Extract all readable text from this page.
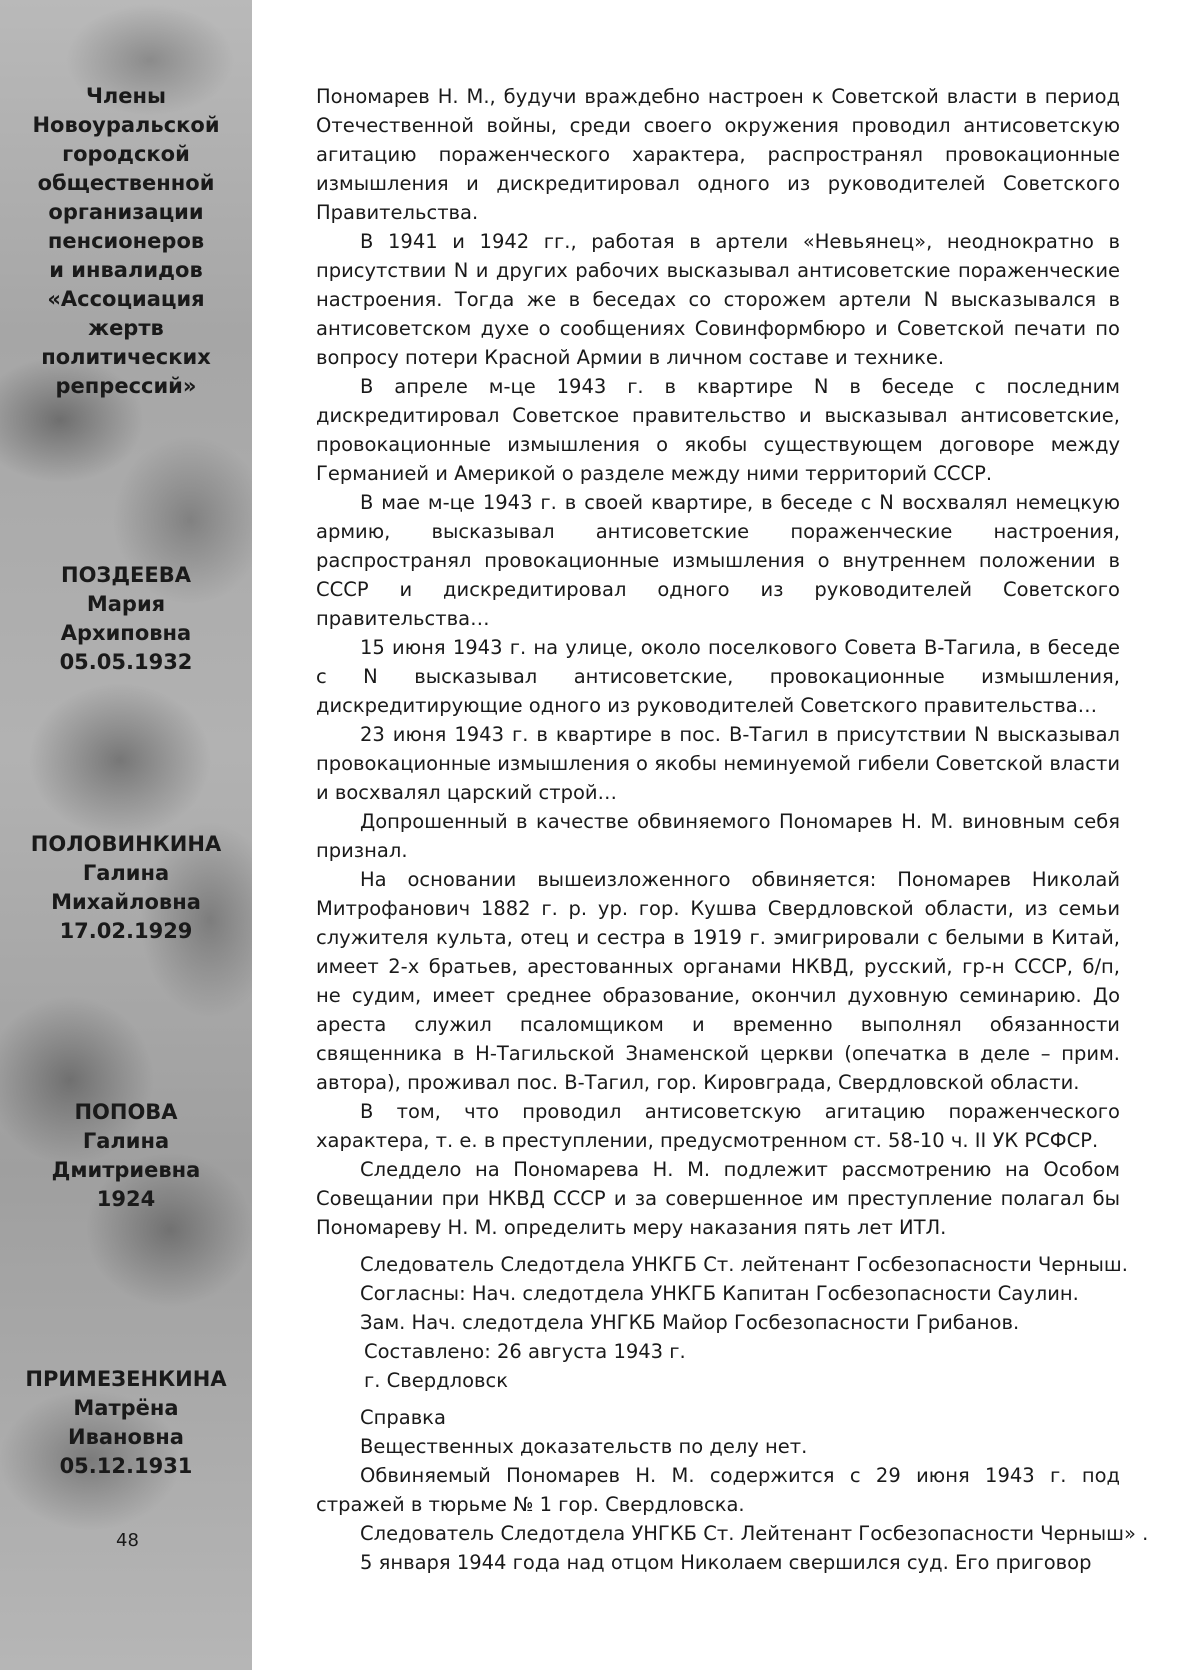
Члены
Новоуральской
городской
общественной
организации
пенсионеров
и инвалидов
«Ассоциация
жертв
политических
репрессий»
ПОЗДЕЕВА
Мария
Архиповна
05.05.1932
ПОЛОВИНКИНА
Галина
Михайловна
17.02.1929
ПОПОВА
Галина
Дмитриевна
1924
ПРИМЕЗЕНКИНА
Матрёна
Ивановна
05.12.1931
48

Пономарев Н. М., будучи враждебно настроен к Советской власти в период Отечественной войны, среди своего окружения проводил антисоветскую агитацию пораженческого характера, распространял провокационные измышления и дискредитировал одного из руководителей Советского Правительства.

В 1941 и 1942 гг., работая в артели «Невьянец», неоднократно в присутствии N и других рабочих высказывал антисоветские пораженческие настроения. Тогда же в беседах со сторожем артели N высказывался в антисоветском духе о сообщениях Совинформбюро и Советской печати по вопросу потери Красной Армии в личном составе и технике.

В апреле м-це 1943 г. в квартире N в беседе с последним дискредитировал Советское правительство и высказывал антисоветские, провокационные измышления о якобы существующем договоре между Германией и Америкой о разделе между ними территорий СССР.

В мае м-це 1943 г. в своей квартире, в беседе с N восхвалял немецкую армию, высказывал антисоветские пораженческие настроения, распространял провокационные измышления о внутреннем положении в СССР и дискредитировал одного из руководителей Советского правительства…

15 июня 1943 г. на улице, около поселкового Совета В-Тагила, в беседе с N высказывал антисоветские, провокационные измышления, дискредитирующие одного из руководителей Советского правительства…

23 июня 1943 г. в квартире в пос. В-Тагил в присутствии N высказывал провокационные измышления о якобы неминуемой гибели Советской власти и восхвалял царский строй…

Допрошенный в качестве обвиняемого Пономарев Н. М. виновным себя признал.

На основании вышеизложенного обвиняется: Пономарев Николай Митрофанович 1882 г. р. ур. гор. Кушва Свердловской области, из семьи служителя культа, отец и сестра в 1919 г. эмигрировали с белыми в Китай, имеет 2-х братьев, арестованных органами НКВД, русский, гр-н СССР, б/п, не судим, имеет среднее образование, окончил духовную семинарию. До ареста служил псаломщиком и временно выполнял обязанности священника в Н-Тагильской Знаменской церкви (опечатка в деле – прим. автора), проживал пос. В-Тагил, гор. Кировграда, Свердловской области.

В том, что проводил антисоветскую агитацию пораженческого характера, т. е. в преступлении, предусмотренном ст. 58-10 ч. II УК РСФСР.

Следдело на Пономарева Н. М. подлежит рассмотрению на Особом Совещании при НКВД СССР и за совершенное им преступление полагал бы Пономареву Н. М. определить меру наказания пять лет ИТЛ.

Следователь Следотдела УНКГБ Ст. лейтенант Госбезопасности Черныш.

Согласны: Нач. следотдела УНКГБ Капитан Госбезопасности Саулин.

Зам. Нач. следотдела УНГКБ Майор Госбезопасности Грибанов.

Составлено: 26 августа 1943 г.

г. Свердловск

Справка

Вещественных доказательств по делу нет.

Обвиняемый Пономарев Н. М. содержится с 29 июня 1943 г. под стражей в тюрьме № 1 гор. Свердловска.

Следователь Следотдела УНГКБ Ст. Лейтенант Госбезопасности Черныш» .

5 января 1944 года над отцом Николаем свершился суд. Его приговор
